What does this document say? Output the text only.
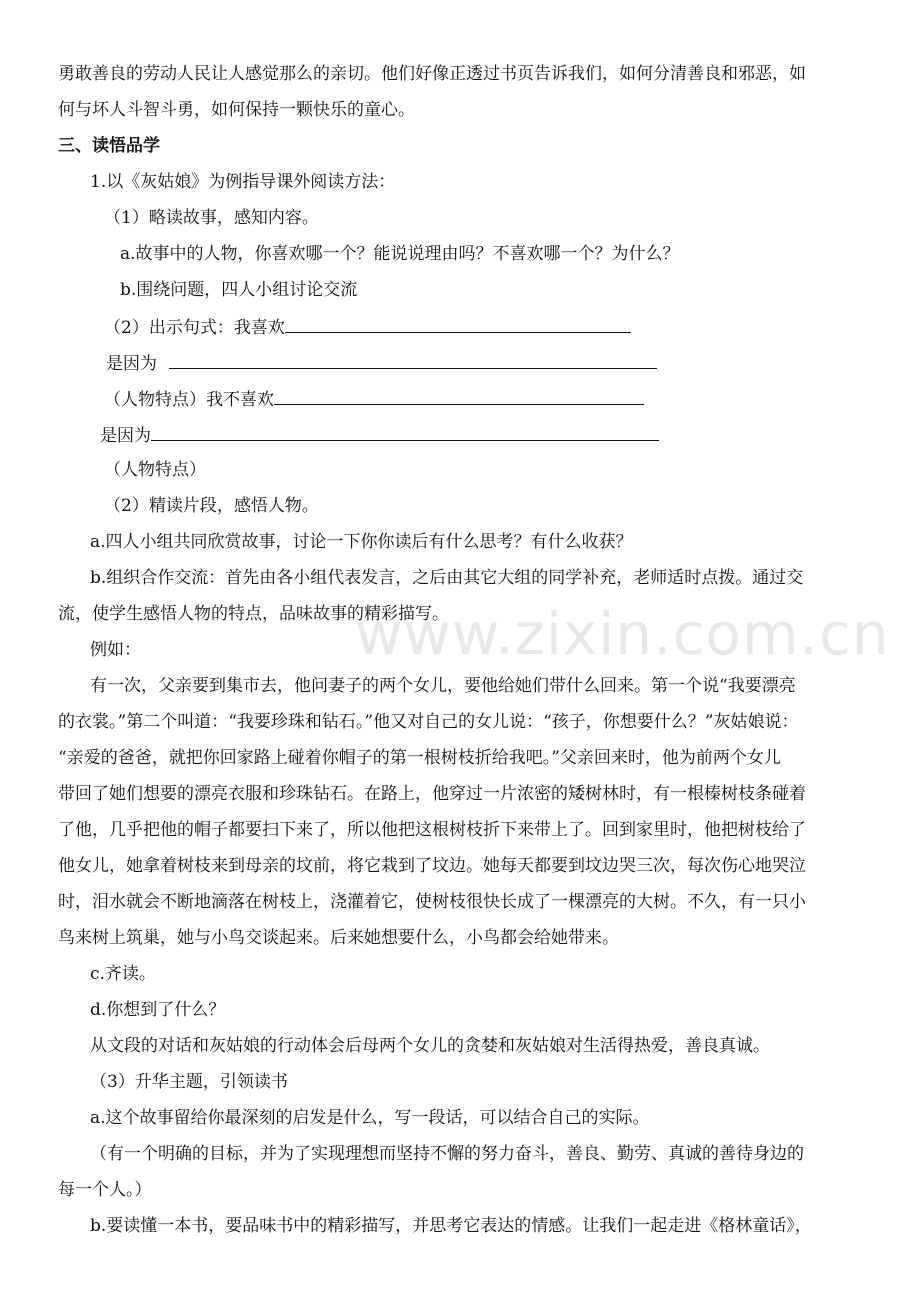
www.zixin.com.cn
勇敢善良的劳动人民让人感觉那么的亲切。他们好像正透过书页告诉我们，如何分清善良和邪恶，如
何与坏人斗智斗勇，如何保持一颗快乐的童心。
三、读悟品学
1.以《灰姑娘》为例指导课外阅读方法：
（1）略读故事，感知内容。
a.故事中的人物，你喜欢哪一个？能说说理由吗？不喜欢哪一个？为什么？
b.围绕问题，四人小组讨论交流
（2）出示句式：我喜欢
是因为
（人物特点）我不喜欢
是因为
（人物特点）
（2）精读片段，感悟人物。
a.四人小组共同欣赏故事，讨论一下你你读后有什么思考？有什么收获？
b.组织合作交流：首先由各小组代表发言，之后由其它大组的同学补充，老师适时点拨。通过交
流，使学生感悟人物的特点，品味故事的精彩描写。
例如：
有一次，父亲要到集市去，他问妻子的两个女儿，要他给她们带什么回来。第一个说“我要漂亮
的衣裳。”第二个叫道：“我要珍珠和钻石。”他又对自己的女儿说：“孩子，你想要什么？”灰姑娘说：
“亲爱的爸爸，就把你回家路上碰着你帽子的第一根树枝折给我吧。”父亲回来时，他为前两个女儿
带回了她们想要的漂亮衣服和珍珠钻石。在路上，他穿过一片浓密的矮树林时，有一根榛树枝条碰着
了他，几乎把他的帽子都要扫下来了，所以他把这根树枝折下来带上了。回到家里时，他把树枝给了
他女儿，她拿着树枝来到母亲的坟前，将它栽到了坟边。她每天都要到坟边哭三次，每次伤心地哭泣
时，泪水就会不断地滴落在树枝上，浇灌着它，使树枝很快长成了一棵漂亮的大树。不久，有一只小
鸟来树上筑巢，她与小鸟交谈起来。后来她想要什么，小鸟都会给她带来。
c.齐读。
d.你想到了什么？
从文段的对话和灰姑娘的行动体会后母两个女儿的贪婪和灰姑娘对生活得热爱，善良真诚。
（3）升华主题，引领读书
a.这个故事留给你最深刻的启发是什么，写一段话，可以结合自己的实际。
（有一个明确的目标，并为了实现理想而坚持不懈的努力奋斗，善良、勤劳、真诚的善待身边的
每一个人。）
b.要读懂一本书，要品味书中的精彩描写，并思考它表达的情感。让我们一起走进《格林童话》，
